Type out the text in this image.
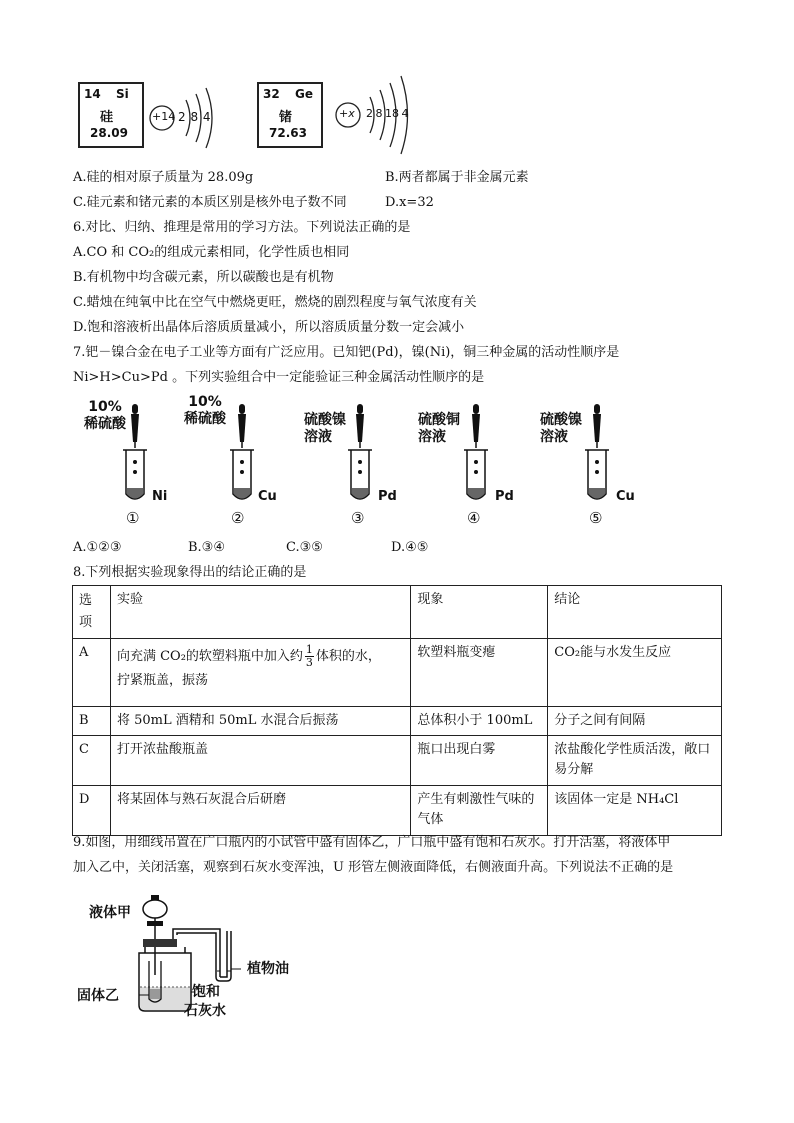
14 Si
硅
28.09
+14 2 8 4
32 Ge
锗
72.63
+x 2 8 18 4
A.硅的相对原子质量为 28.09g	B.两者都属于非金属元素
C.硅元素和锗元素的本质区别是核外电子数不同	D.x=32
6.对比、归纳、推理是常用的学习方法。下列说法正确的是
A.CO 和 CO₂的组成元素相同，化学性质也相同
B.有机物中均含碳元素，所以碳酸也是有机物
C.蜡烛在纯氧中比在空气中燃烧更旺，燃烧的剧烈程度与氧气浓度有关
D.饱和溶液析出晶体后溶质质量减小，所以溶质质量分数一定会减小
7.钯－镍合金在电子工业等方面有广泛应用。已知钯(Pd)，镍(Ni)，铜三种金属的活动性顺序是
Ni>H>Cu>Pd 。下列实验组合中一定能验证三种金属活动性顺序的是
10%
稀硫酸
Ni
①
10%
稀硫酸
Cu
②
硫酸镍
溶液
Pd
③
硫酸铜
溶液
Pd
④
硫酸镍
溶液
Cu
⑤
A.①②③	B.③④	C.③⑤	D.④⑤
8.下列根据实验现象得出的结论正确的是
选项	实验	现象	结论
A	向充满 CO₂的软塑料瓶中加入约 $\frac{1}{3}$ 体积的水，
拧紧瓶盖，振荡	软塑料瓶变瘪	CO₂能与水发生反应
B	将 50mL 酒精和 50mL 水混合后振荡	总体积小于 100mL	分子之间有间隔
C	打开浓盐酸瓶盖	瓶口出现白雾	浓盐酸化学性质活泼，敞口易分解
D	将某固体与熟石灰混合后研磨	产生有刺激性气味的气体	该固体一定是 NH₄Cl
9.如图，用细线吊置在广口瓶内的小试管中盛有固体乙，广口瓶中盛有饱和石灰水。打开活塞，将液体甲
加入乙中，关闭活塞，观察到石灰水变浑浊，U 形管左侧液面降低，右侧液面升高。下列说法不正确的是
液体甲
植物油
固体乙	饱和
石灰水
